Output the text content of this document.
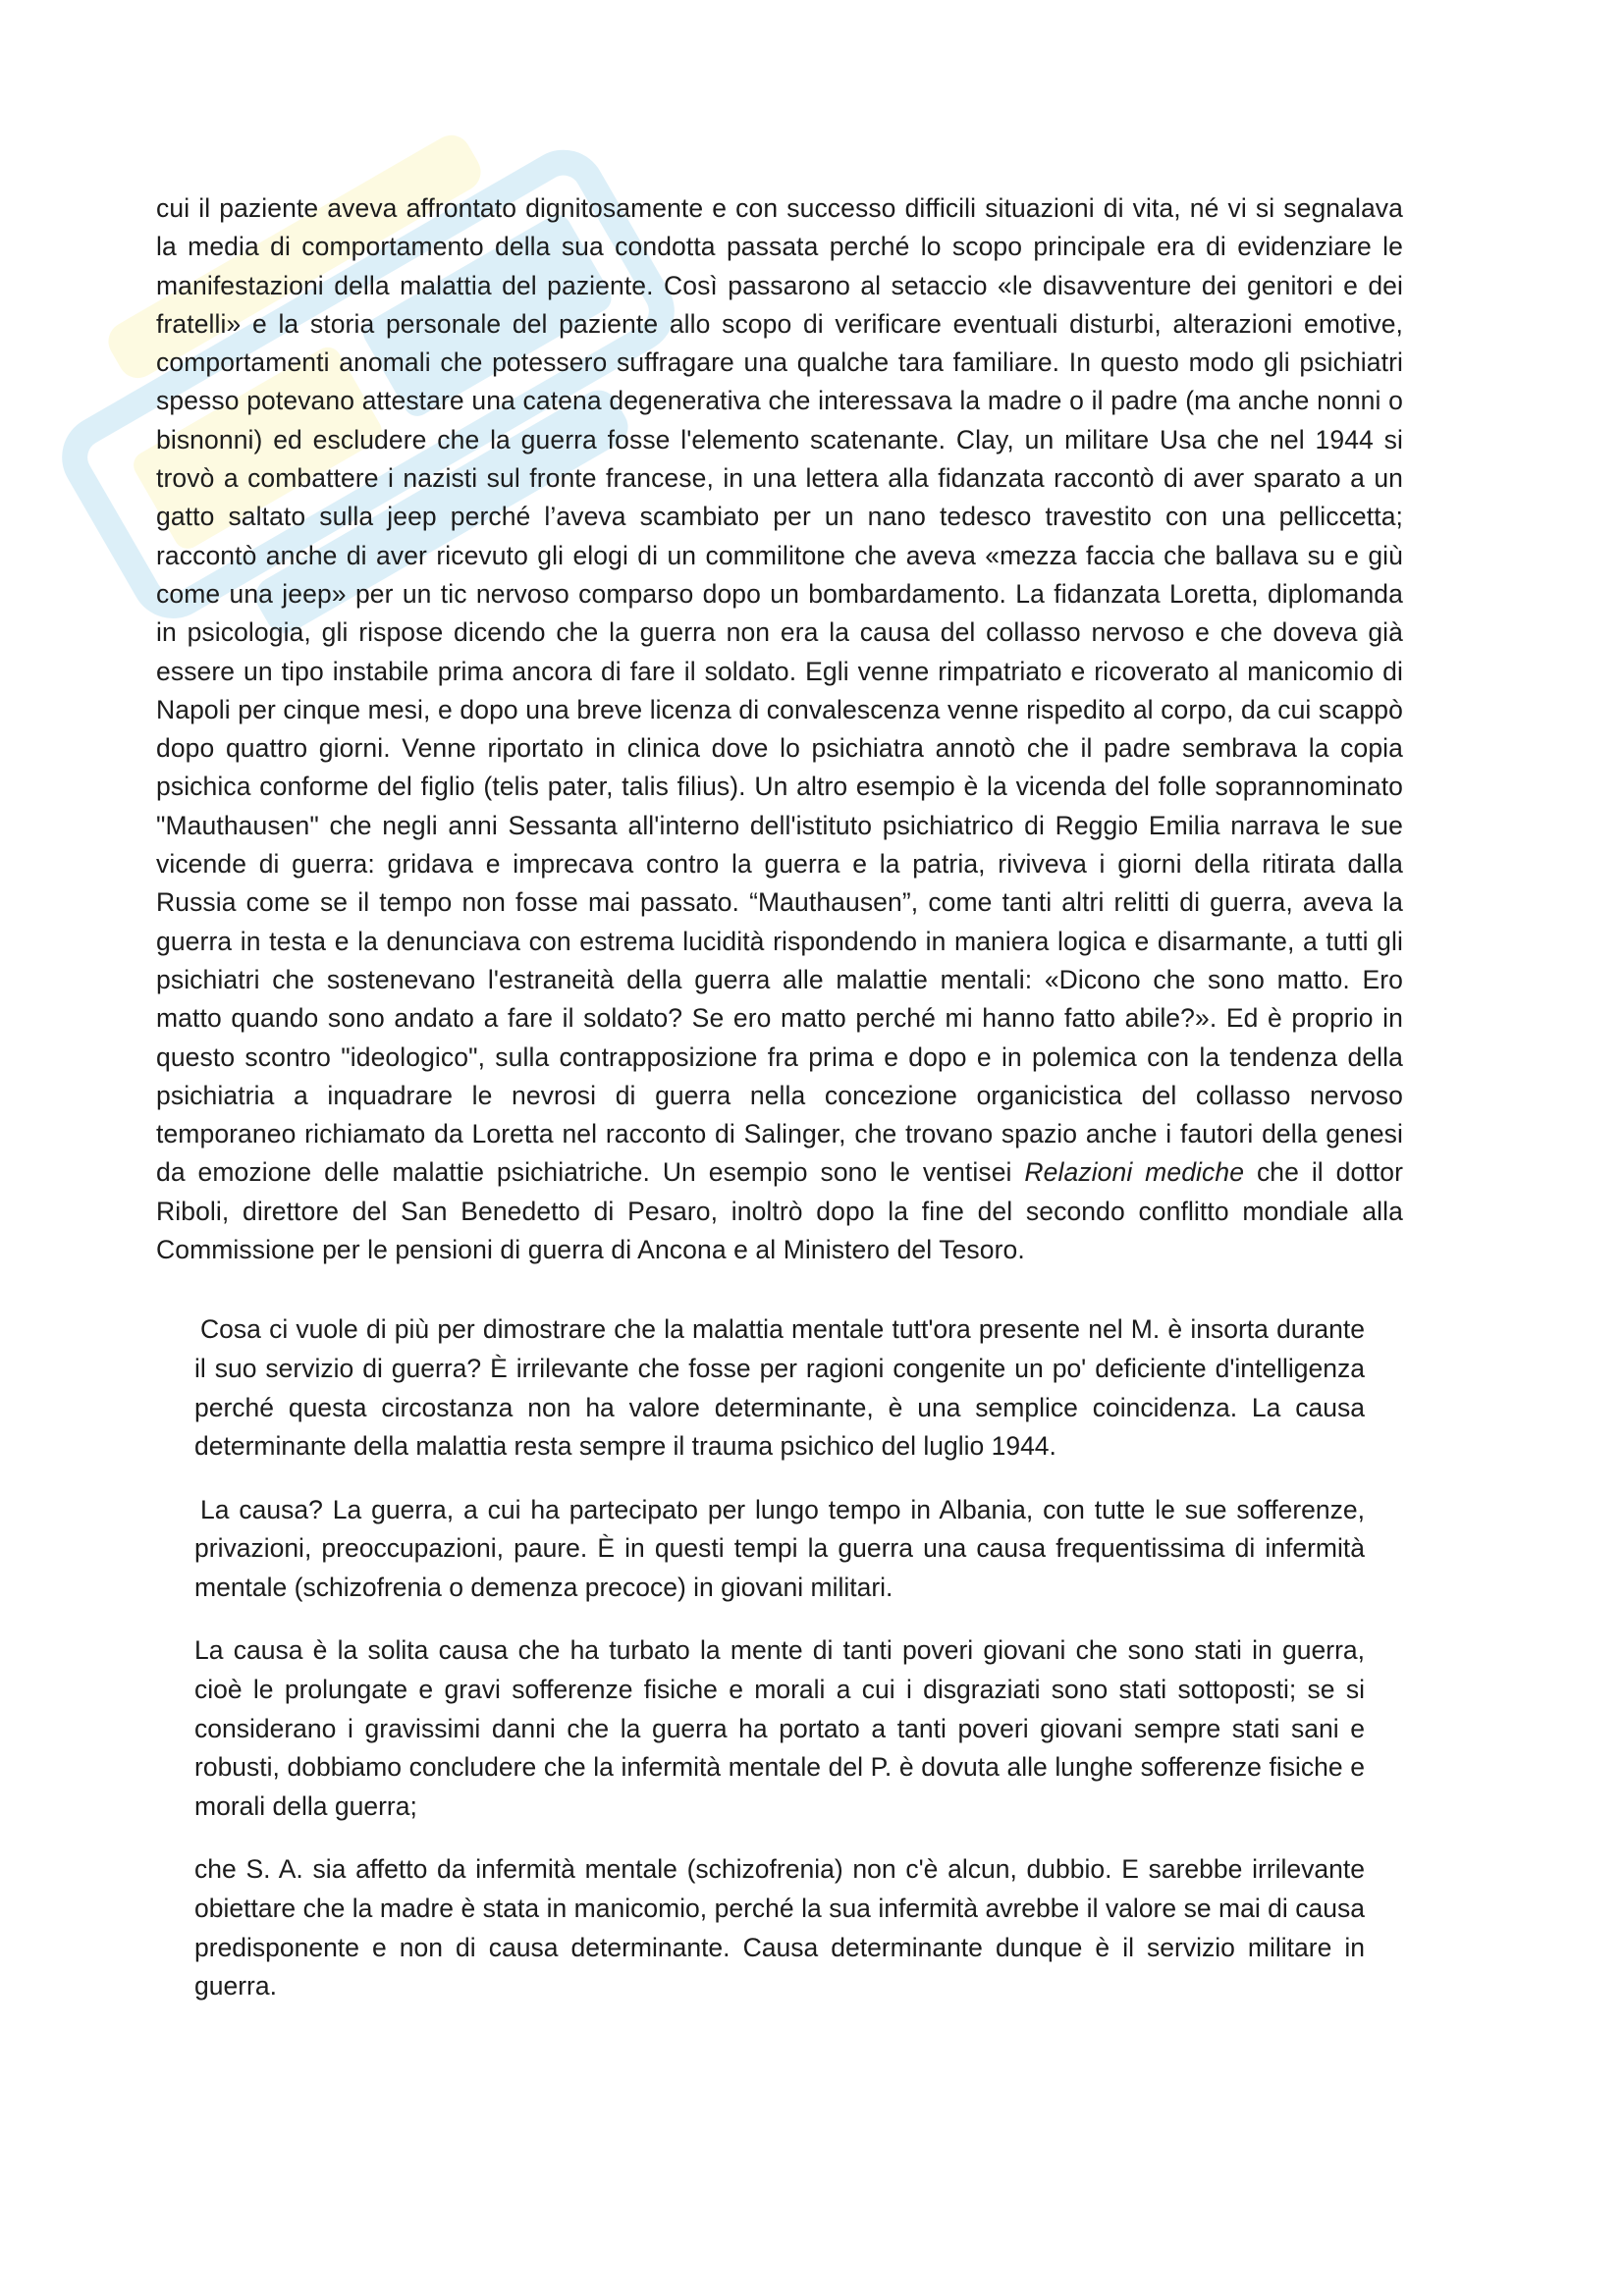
cui il paziente aveva affrontato dignitosamente e con successo difficili situazioni di vita, né vi si segnalava la media di comportamento della sua condotta passata perché lo scopo principale era di evidenziare le manifestazioni della malattia del paziente. Così passarono al setaccio «le disavventure dei genitori e dei fratelli» e la storia personale del paziente allo scopo di verificare eventuali disturbi, alterazioni emotive, comportamenti anomali che potessero suffragare una qualche tara familiare. In questo modo gli psichiatri spesso potevano attestare una catena degenerativa che interessava la madre o il padre (ma anche nonni o bisnonni) ed escludere che la guerra fosse l'elemento scatenante. Clay, un militare Usa che nel 1944 si trovò a combattere i nazisti sul fronte francese, in una lettera alla fidanzata raccontò di aver sparato a un gatto saltato sulla jeep perché l’aveva scambiato per un nano tedesco travestito con una pelliccetta; raccontò anche di aver ricevuto gli elogi di un commilitone che aveva «mezza faccia che ballava su e giù come una jeep» per un tic nervoso comparso dopo un bombardamento. La fidanzata Loretta, diplomanda in psicologia, gli rispose dicendo che la guerra non era la causa del collasso nervoso e che doveva già essere un tipo instabile prima ancora di fare il soldato. Egli venne rimpatriato e ricoverato al manicomio di Napoli per cinque mesi, e dopo una breve licenza di convalescenza venne rispedito al corpo, da cui scappò dopo quattro giorni. Venne riportato in clinica dove lo psichiatra annotò che il padre sembrava la copia psichica conforme del figlio (telis pater, talis filius). Un altro esempio è la vicenda del folle soprannominato "Mauthausen" che negli anni Sessanta all'interno dell'istituto psichiatrico di Reggio Emilia narrava le sue vicende di guerra: gridava e imprecava contro la guerra e la patria, riviveva i giorni della ritirata dalla Russia come se il tempo non fosse mai passato. “Mauthausen”, come tanti altri relitti di guerra, aveva la guerra in testa e la denunciava con estrema lucidità rispondendo in maniera logica e disarmante, a tutti gli psichiatri che sostenevano l'estraneità della guerra alle malattie mentali: «Dicono che sono matto. Ero matto quando sono andato a fare il soldato? Se ero matto perché mi hanno fatto abile?». Ed è proprio in questo scontro "ideologico", sulla contrapposizione fra prima e dopo e in polemica con la tendenza della psichiatria a inquadrare le nevrosi di guerra nella concezione organicistica del collasso nervoso temporaneo richiamato da Loretta nel racconto di Salinger, che trovano spazio anche i fautori della genesi da emozione delle malattie psichiatriche. Un esempio sono le ventisei Relazioni mediche che il dottor Riboli, direttore del San Benedetto di Pesaro, inoltrò dopo la fine del secondo conflitto mondiale alla Commissione per le pensioni di guerra di Ancona e al Ministero del Tesoro.

Cosa ci vuole di più per dimostrare che la malattia mentale tutt'ora presente nel M. è insorta durante il suo servizio di guerra? È irrilevante che fosse per ragioni congenite un po' deficiente d'intelligenza perché questa circostanza non ha valore determinante, è una semplice coincidenza. La causa determinante della malattia resta sempre il trauma psichico del luglio 1944.

La causa? La guerra, a cui ha partecipato per lungo tempo in Albania, con tutte le sue sofferenze, privazioni, preoccupazioni, paure. È in questi tempi la guerra una causa frequentissima di infermità mentale (schizofrenia o demenza precoce) in giovani militari.

La causa è la solita causa che ha turbato la mente di tanti poveri giovani che sono stati in guerra, cioè le prolungate e gravi sofferenze fisiche e morali a cui i disgraziati sono stati sottoposti; se si considerano i gravissimi danni che la guerra ha portato a tanti poveri giovani sempre stati sani e robusti, dobbiamo concludere che la infermità mentale del P. è dovuta alle lunghe sofferenze fisiche e morali della guerra;

che S. A. sia affetto da infermità mentale (schizofrenia) non c'è alcun, dubbio. E sarebbe irrilevante obiettare che la madre è stata in manicomio, perché la sua infermità avrebbe il valore se mai di causa predisponente e non di causa determinante. Causa determinante dunque è il servizio militare in guerra.
